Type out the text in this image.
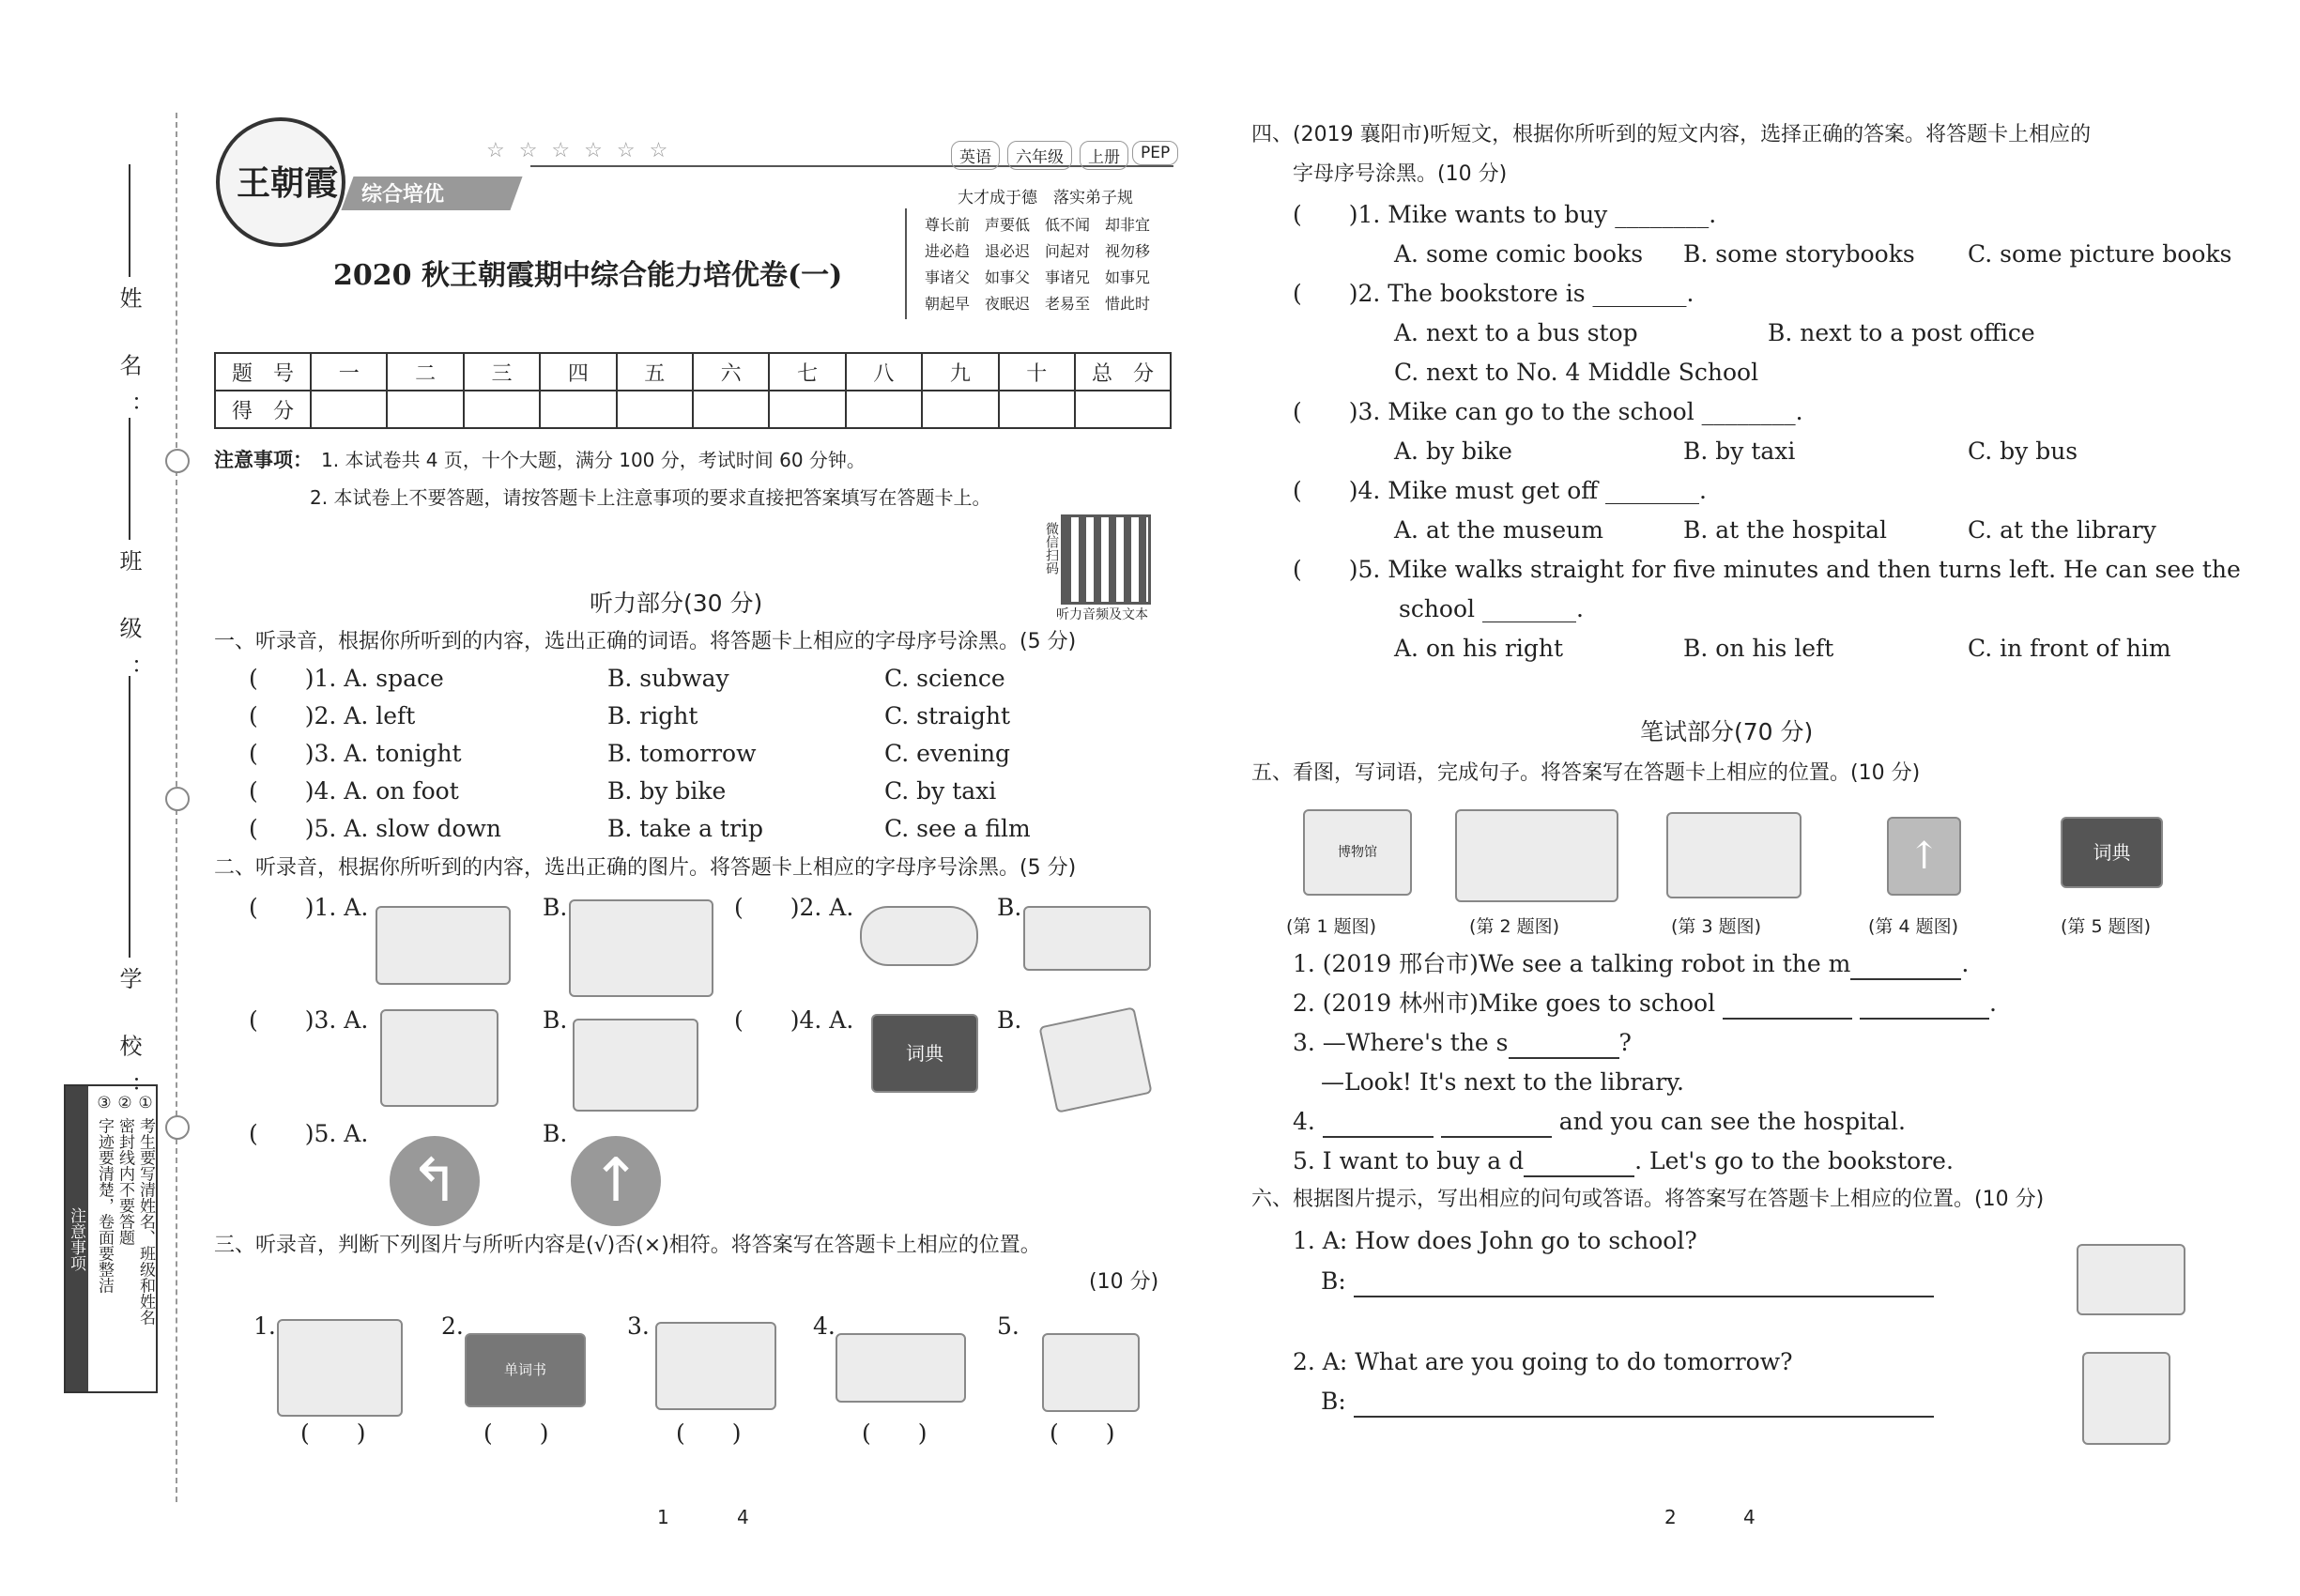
姓 名：
班 级：
学 校：
注意事项	① 考生要写清姓名、班级和姓名
② 密封线内不要答题
③ 字迹要清楚，卷面要整洁
王朝霞 综合培优
☆ ☆ ☆ ☆ ☆ ☆	英语	六年级	上册	PEP
大才成于德　落实弟子规
尊长前　声要低　低不闻　却非宜
进必趋　退必迟　问起对　视勿移
事诸父　如事父　事诸兄　如事兄
朝起早　夜眠迟　老易至　惜此时
2020 秋王朝霞期中综合能力培优卷(一)
题　号	一	二	三	四	五	六	七	八	九	十	总　分
得　分											
注意事项： 1. 本试卷共 4 页，十个大题，满分 100 分，考试时间 60 分钟。
2. 本试卷上不要答题，请按答题卡上注意事项的要求直接把答案填写在答题卡上。
微信扫码
听力音频及文本
听力部分(30 分)
一、听录音，根据你所听到的内容，选出正确的词语。将答题卡上相应的字母序号涂黑。(5 分)
(　　)1. A. space	B. subway	C. science
(　　)2. A. left	B. right	C. straight
(　　)3. A. tonight	B. tomorrow	C. evening
(　　)4. A. on foot	B. by bike	C. by taxi
(　　)5. A. slow down	B. take a trip	C. see a film
二、听录音，根据你所听到的内容，选出正确的图片。将答题卡上相应的字母序号涂黑。(5 分)
(　　)1. A.	B.	(　　)2. A.	B.
(　　)3. A.	B.	(　　)4. A.
词典
B.
(　　)5. A.
↰
B.
↑
三、听录音，判断下列图片与所听内容是(√)否(×)相符。将答案写在答题卡上相应的位置。
(10 分)
1.
(　　)
2.
单词书
(　　)
3.
(　　)
4.
(　　)
5.
(　　)
1	4
四、(2019 襄阳市)听短文，根据你所听到的短文内容，选择正确的答案。将答题卡上相应的
字母序号涂黑。(10 分)
(　　)1. Mike wants to buy ________.
A. some comic books B. some storybooks C. some picture books
(　　)2. The bookstore is ________.
A. next to a bus stop	B. next to a post office
C. next to No. 4 Middle School
(　　)3. Mike can go to the school ________.
A. by bike	B. by taxi	C. by bus
(　　)4. Mike must get off ________.
A. at the museum	B. at the hospital	C. at the library
(　　)5. Mike walks straight for five minutes and then turns left. He can see the
school ________.
A. on his right	B. on his left	C. in front of him
笔试部分(70 分)
五、看图，写词语，完成句子。将答案写在答题卡上相应的位置。(10 分)
博物馆	↑	词典
(第 1 题图)	(第 2 题图)	(第 3 题图)	(第 4 题图)	(第 5 题图)
1. (2019 邢台市)We see a talking robot in the m	.
2. (2019 林州市)Mike goes to school	.
3. —Where's the s	?
—Look! It's next to the library.
4.	and you can see the hospital.
5. I want to buy a d	. Let's go to the bookstore.
六、根据图片提示，写出相应的问句或答语。将答案写在答题卡上相应的位置。(10 分)
1. A: How does John go to school?
B:
2. A: What are you going to do tomorrow?
B:
2	4
